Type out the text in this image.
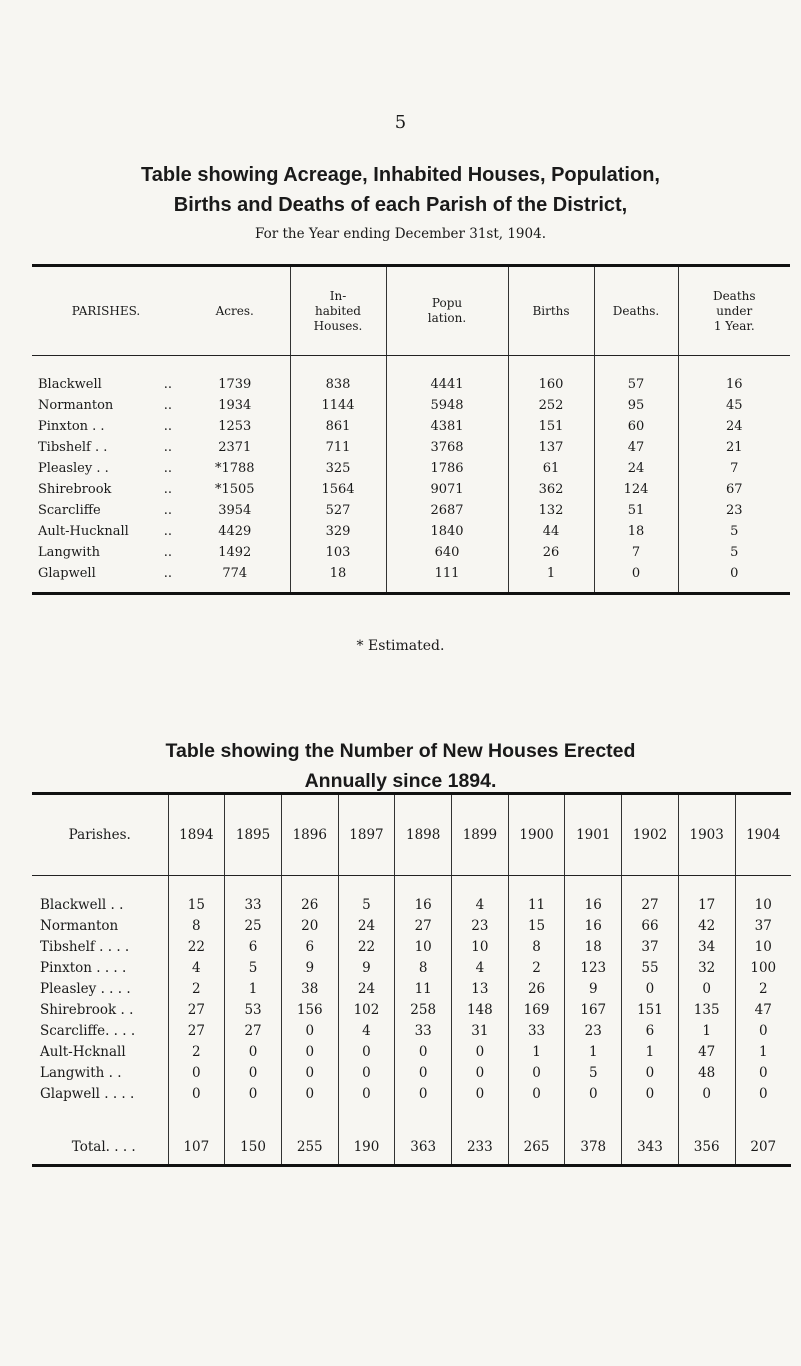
5
Table showing Acreage, Inhabited Houses, Population,
Births and Deaths of each Parish of the District,
For the Year ending December 31st, 1904.
PARISHES.		Acres.	In-
habited
Houses.	Popu
lation.	Births	Deaths.	Deaths
under
1 Year.
Blackwell	..	1739	838	4441	160	57	16
Normanton	..	1934	1144	5948	252	95	45
Pinxton . .	..	1253	861	4381	151	60	24
Tibshelf . .	..	2371	711	3768	137	47	21
Pleasley . .	..	*1788	325	1786	61	24	7
Shirebrook	..	*1505	1564	9071	362	124	67
Scarcliffe	..	3954	527	2687	132	51	23
Ault-Hucknall	..	4429	329	1840	44	18	5
Langwith	..	1492	103	640	26	7	5
Glapwell	..	774	18	111	1	0	0
* Estimated.
Table showing the Number of New Houses Erected
Annually since 1894.
Parishes.	1894	1895	1896	1897	1898	1899	1900	1901	1902	1903	1904
Blackwell . .	15	33	26	5	16	4	11	16	27	17	10
Normanton	8	25	20	24	27	23	15	16	66	42	37
Tibshelf . . . .	22	6	6	22	10	10	8	18	37	34	10
Pinxton . . . .	4	5	9	9	8	4	2	123	55	32	100
Pleasley . . . .	2	1	38	24	11	13	26	9	0	0	2
Shirebrook . .	27	53	156	102	258	148	169	167	151	135	47
Scarcliffe. . . .	27	27	0	4	33	31	33	23	6	1	0
Ault-Hcknall	2	0	0	0	0	0	1	1	1	47	1
Langwith . .	0	0	0	0	0	0	0	5	0	48	0
Glapwell . . . .	0	0	0	0	0	0	0	0	0	0	0

Total. . . .	107	150	255	190	363	233	265	378	343	356	207
